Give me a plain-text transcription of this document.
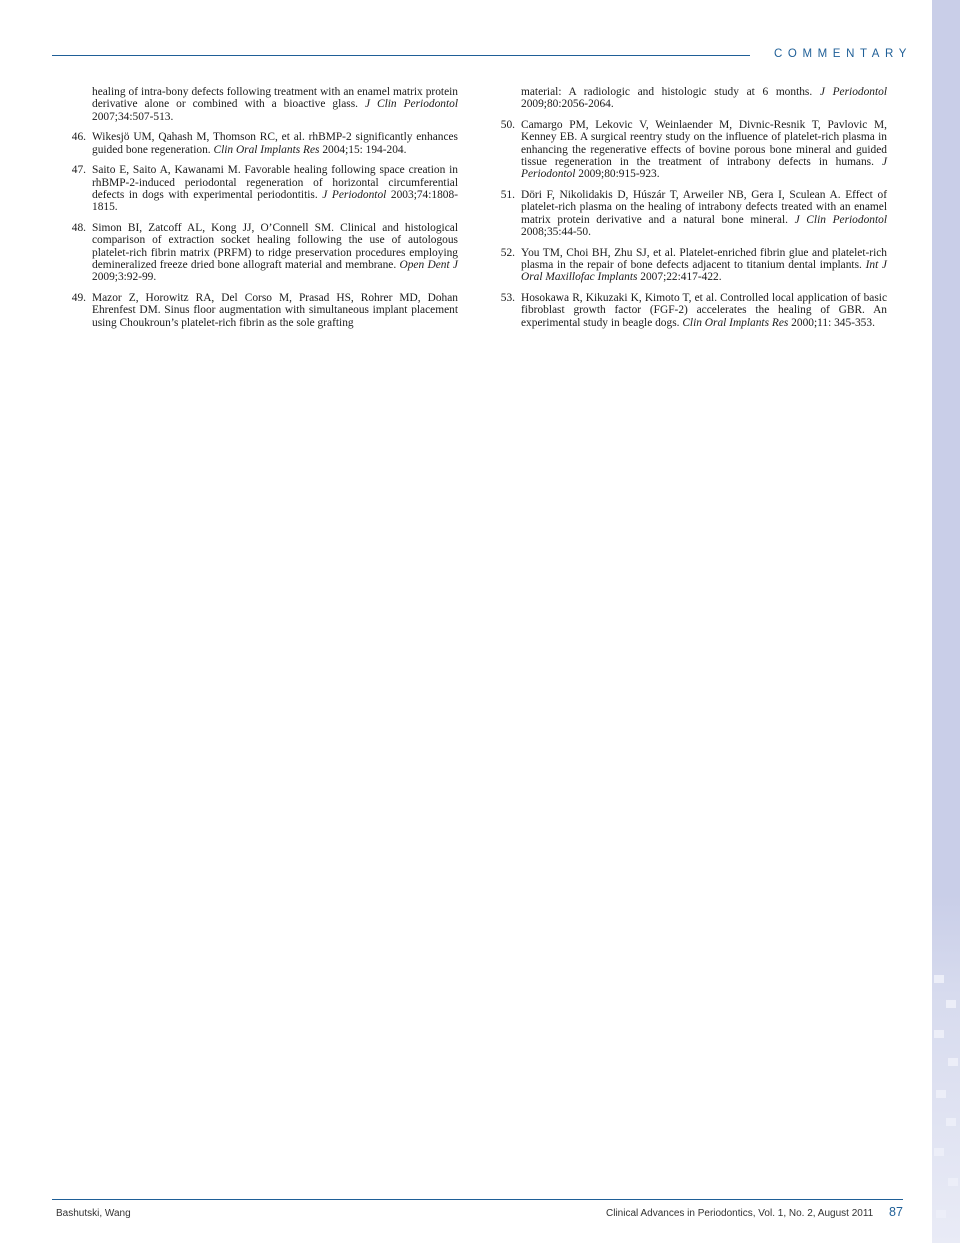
COMMENTARY
healing of intra-bony defects following treatment with an enamel matrix protein derivative alone or combined with a bioactive glass. J Clin Periodontol 2007;34:507-513.
46. Wikesjö UM, Qahash M, Thomson RC, et al. rhBMP-2 significantly enhances guided bone regeneration. Clin Oral Implants Res 2004;15: 194-204.
47. Saito E, Saito A, Kawanami M. Favorable healing following space creation in rhBMP-2-induced periodontal regeneration of horizontal circumferential defects in dogs with experimental periodontitis. J Periodontol 2003;74:1808-1815.
48. Simon BI, Zatcoff AL, Kong JJ, O’Connell SM. Clinical and histological comparison of extraction socket healing following the use of autologous platelet-rich fibrin matrix (PRFM) to ridge preservation procedures employing demineralized freeze dried bone allograft material and membrane. Open Dent J 2009;3:92-99.
49. Mazor Z, Horowitz RA, Del Corso M, Prasad HS, Rohrer MD, Dohan Ehrenfest DM. Sinus floor augmentation with simultaneous implant placement using Choukroun’s platelet-rich fibrin as the sole grafting
material: A radiologic and histologic study at 6 months. J Periodontol 2009;80:2056-2064.
50. Camargo PM, Lekovic V, Weinlaender M, Divnic-Resnik T, Pavlovic M, Kenney EB. A surgical reentry study on the influence of platelet-rich plasma in enhancing the regenerative effects of bovine porous bone mineral and guided tissue regeneration in the treatment of intrabony defects in humans. J Periodontol 2009;80:915-923.
51. Döri F, Nikolidakis D, Húszár T, Arweiler NB, Gera I, Sculean A. Effect of platelet-rich plasma on the healing of intrabony defects treated with an enamel matrix protein derivative and a natural bone mineral. J Clin Periodontol 2008;35:44-50.
52. You TM, Choi BH, Zhu SJ, et al. Platelet-enriched fibrin glue and platelet-rich plasma in the repair of bone defects adjacent to titanium dental implants. Int J Oral Maxillofac Implants 2007;22:417-422.
53. Hosokawa R, Kikuzaki K, Kimoto T, et al. Controlled local application of basic fibroblast growth factor (FGF-2) accelerates the healing of GBR. An experimental study in beagle dogs. Clin Oral Implants Res 2000;11: 345-353.
Bashutski, Wang	Clinical Advances in Periodontics, Vol. 1, No. 2, August 2011 87
